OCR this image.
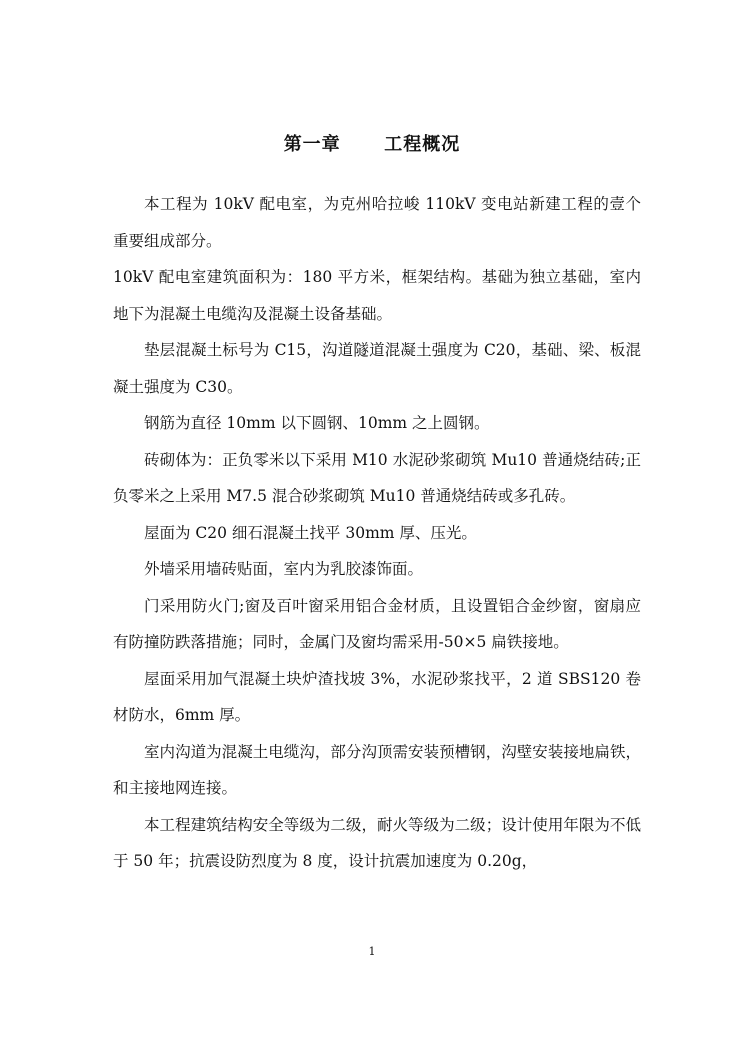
第一章      工程概况

本工程为 10kV 配电室，为克州哈拉峻 110kV 变电站新建工程的壹个重要组成部分。

10kV 配电室建筑面积为：180 平方米，框架结构。基础为独立基础，室内地下为混凝土电缆沟及混凝土设备基础。

垫层混凝土标号为 C15，沟道隧道混凝土强度为 C20，基础、梁、板混凝土强度为 C30。

钢筋为直径 10mm 以下圆钢、10mm 之上圆钢。

砖砌体为：正负零米以下采用 M10 水泥砂浆砌筑 Mu10 普通烧结砖;正负零米之上采用 M7.5 混合砂浆砌筑 Mu10 普通烧结砖或多孔砖。

屋面为 C20 细石混凝土找平 30mm 厚、压光。

外墙采用墙砖贴面，室内为乳胶漆饰面。

门采用防火门;窗及百叶窗采用铝合金材质，且设置铝合金纱窗，窗扇应有防撞防跌落措施；同时，金属门及窗均需采用-50×5 扁铁接地。

屋面采用加气混凝土块炉渣找坡 3%，水泥砂浆找平，2 道 SBS120 卷材防水，6mm 厚。

室内沟道为混凝土电缆沟，部分沟顶需安装预槽钢，沟壁安装接地扁铁，和主接地网连接。

本工程建筑结构安全等级为二级，耐火等级为二级；设计使用年限为不低于 50 年；抗震设防烈度为 8 度，设计抗震加速度为 0.20g，

1
